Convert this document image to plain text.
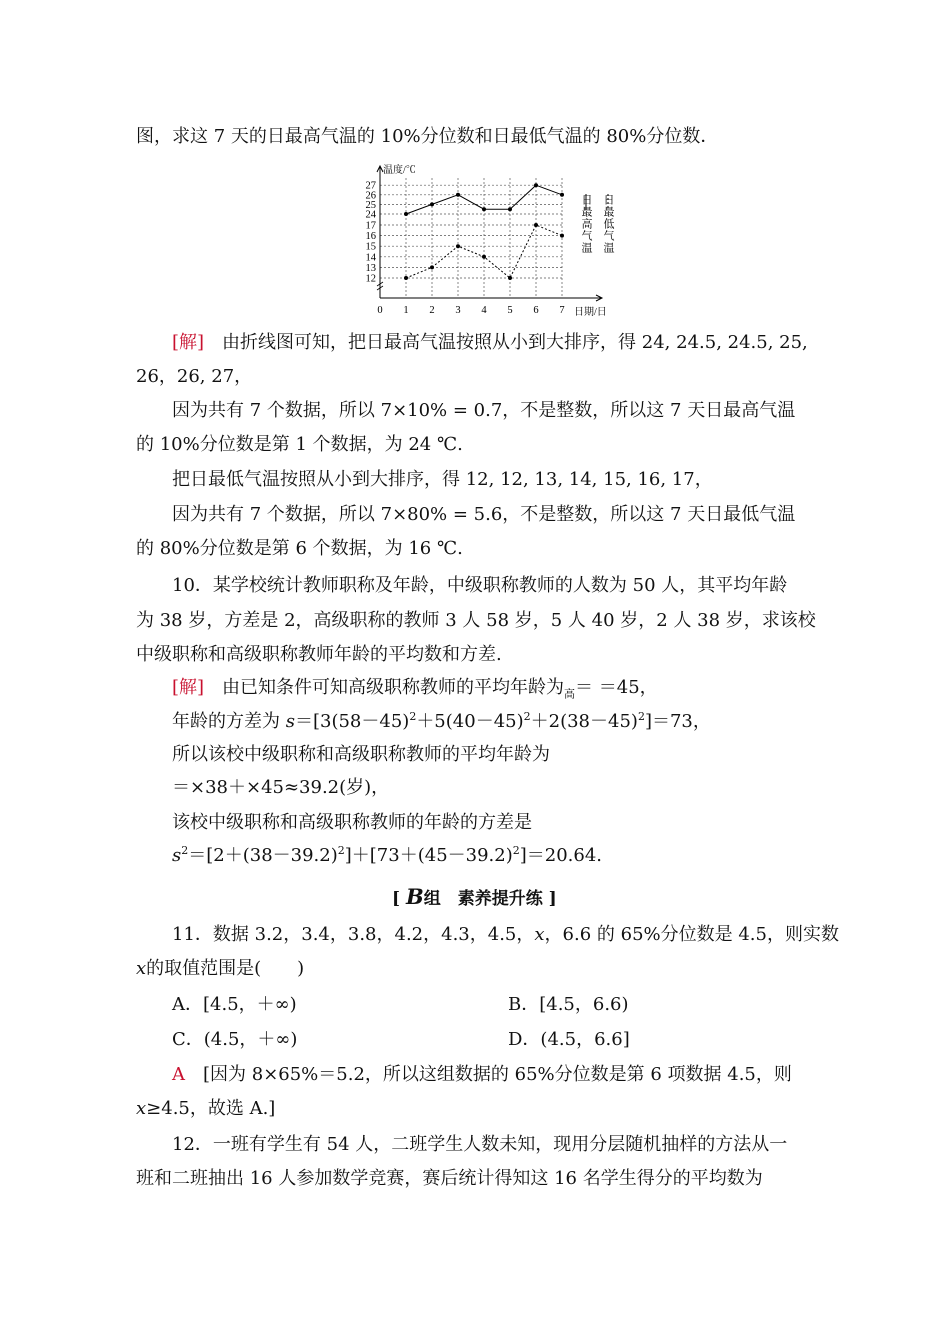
图，求这 7 天的日最高气温的 10%分位数和日最低气温的 80%分位数．
12
13
14
15
16
17
24
25
26
27
0 1 2 3 4 5 6 7
温度/℃
日期/日
日最高气温 日最低气温
[解]　 由折线图可知，把日最高气温按照从小到大排序，得 24, 24.5, 24.5, 25,
26，26, 27，
因为共有 7 个数据，所以 7×10% = 0.7，不是整数，所以这 7 天日最高气温
的 10%分位数是第 1 个数据，为 24 ℃.
把日最低气温按照从小到大排序，得 12, 12, 13, 14, 15, 16, 17，
因为共有 7 个数据，所以 7×80% = 5.6，不是整数，所以这 7 天日最低气温
的 80%分位数是第 6 个数据，为 16 ℃.
10．某学校统计教师职称及年龄，中级职称教师的人数为 50 人，其平均年龄
为 38 岁，方差是 2，高级职称的教师 3 人 58 岁，5 人 40 岁，2 人 38 岁，求该校
中级职称和高级职称教师年龄的平均数和方差.
[解]　 由已知条件可知高级职称教师的平均年龄为$_高$＝ ＝45，
年龄的方差为 $s=[3(58-45)^2+5(40-45)^2+2(38-45)^2]=73$，
所以该校中级职称和高级职称教师的平均年龄为
＝×38＋×45≈39.2(岁)，
该校中级职称和高级职称教师的年龄的方差是
$s^2=[2+(38-39.2)^2]+[73+(45-39.2)^2]=20.64$.
[ B组　素养提升练 ]
11．数据 3.2，3.4，3.8，4.2，4.3，4.5，x，6.6 的 65%分位数是 4.5，则实数
x的取值范围是(　　)
A．[4.5，＋∞)	B．[4.5，6.6)
C．(4.5，＋∞)	D．(4.5，6.6]
A　 [因为 8×65%＝5.2，所以这组数据的 65%分位数是第 6 项数据 4.5，则
x≥4.5，故选 A.]
12．一班有学生有 54 人，二班学生人数未知，现用分层随机抽样的方法从一
班和二班抽出 16 人参加数学竞赛，赛后统计得知这 16 名学生得分的平均数为
